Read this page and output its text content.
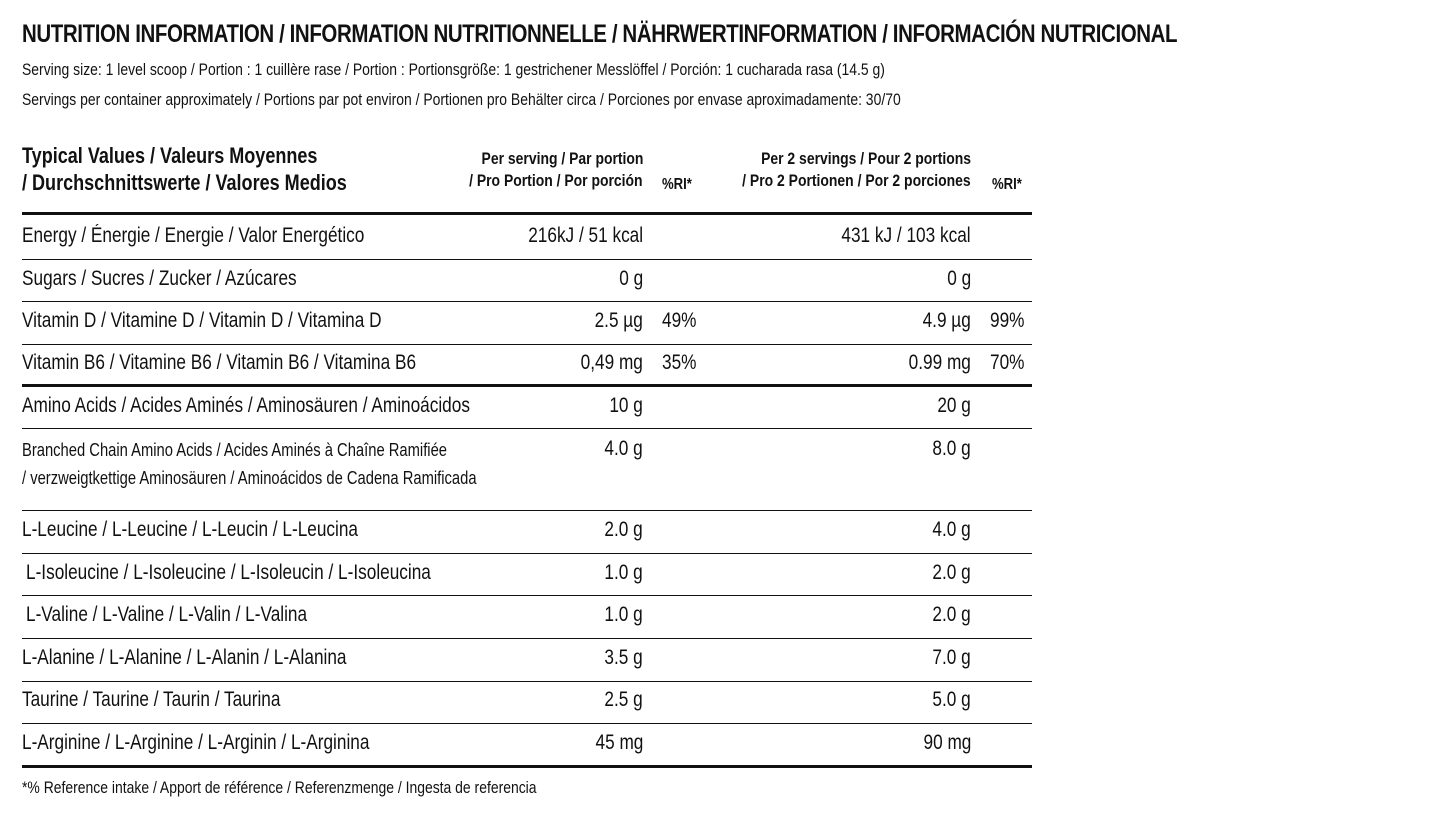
NUTRITION INFORMATION / INFORMATION NUTRITIONNELLE / NÄHRWERTINFORMATION / INFORMACIÓN NUTRICIONAL
Serving size: 1 level scoop / Portion : 1 cuillère rase / Portion : Portionsgröße: 1 gestrichener Messlöffel / Porción: 1 cucharada rasa (14.5 g)
Servings per container approximately / Portions par pot environ / Portionen pro Behälter circa / Porciones por envase aproximadamente: 30/70
Typical Values / Valeurs Moyennes
/ Durchschnittswerte / Valores Medios
Per serving / Par portion
/ Pro Portion / Por porción %RI*
Per 2 servings / Pour 2 portions
/ Pro 2 Portionen / Por 2 porciones %RI*
Energy / Énergie / Energie / Valor Energético	216kJ / 51 kcal	431 kJ / 103 kcal
Sugars / Sucres / Zucker / Azúcares	0 g	0 g
Vitamin D / Vitamine D / Vitamin D / Vitamina D	2.5 µg 49%	4.9 µg 99%
Vitamin B6 / Vitamine B6 / Vitamin B6 / Vitamina B6	0,49 mg 35%	0.99 mg 70%
Amino Acids / Acides Aminés / Aminosäuren / Aminoácidos	10 g	20 g
Branched Chain Amino Acids / Acides Aminés à Chaîne Ramifiée
/ verzweigtkettige Aminosäuren / Aminoácidos de Cadena Ramificada
4.0 g	8.0 g
L-Leucine / L-Leucine / L-Leucin / L-Leucina	2.0 g	4.0 g
L-Isoleucine / L-Isoleucine / L-Isoleucin / L-Isoleucina	1.0 g	2.0 g
L-Valine / L-Valine / L-Valin / L-Valina	1.0 g	2.0 g
L-Alanine / L-Alanine / L-Alanin / L-Alanina	3.5 g	7.0 g
Taurine / Taurine / Taurin / Taurina	2.5 g	5.0 g
L-Arginine / L-Arginine / L-Arginin / L-Arginina	45 mg	90 mg
*% Reference intake / Apport de référence / Referenzmenge / Ingesta de referencia
